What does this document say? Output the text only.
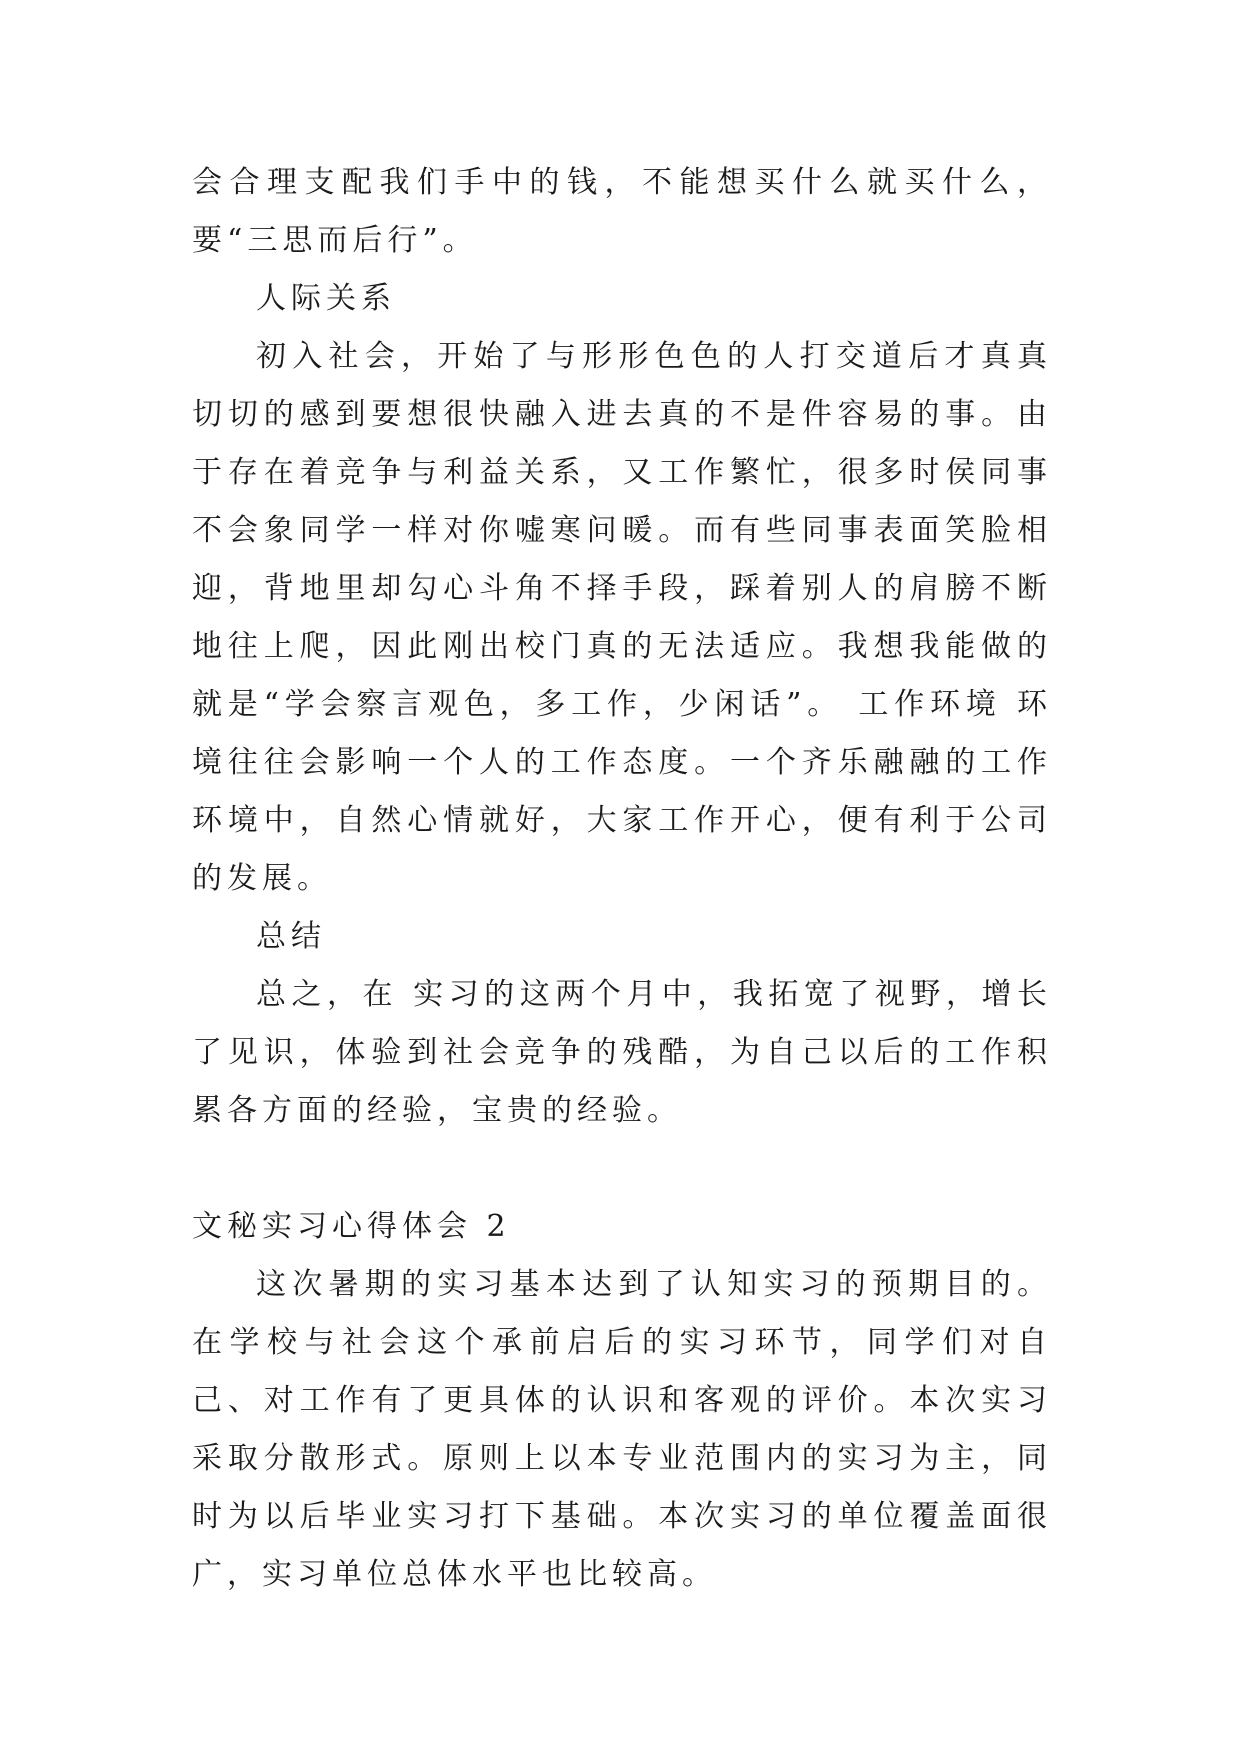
会合理支配我们手中的钱，不能想买什么就买什么，要“三思而后行”。

人际关系

初入社会，开始了与形形色色的人打交道后才真真切切的感到要想很快融入进去真的不是件容易的事。由于存在着竞争与利益关系，又工作繁忙，很多时侯同事不会象同学一样对你嘘寒问暖。而有些同事表面笑脸相迎，背地里却勾心斗角不择手段，踩着别人的肩膀不断地往上爬，因此刚出校门真的无法适应。我想我能做的就是“学会察言观色，多工作，少闲话”。 工作环境 环境往往会影响一个人的工作态度。一个齐乐融融的工作环境中，自然心情就好，大家工作开心，便有利于公司的发展。

总结

总之，在 实习的这两个月中，我拓宽了视野，增长了见识，体验到社会竞争的残酷，为自己以后的工作积累各方面的经验，宝贵的经验。

文秘实习心得体会 2

这次暑期的实习基本达到了认知实习的预期目的。在学校与社会这个承前启后的实习环节，同学们对自己、对工作有了更具体的认识和客观的评价。本次实习采取分散形式。原则上以本专业范围内的实习为主，同时为以后毕业实习打下基础。本次实习的单位覆盖面很广，实习单位总体水平也比较高。
